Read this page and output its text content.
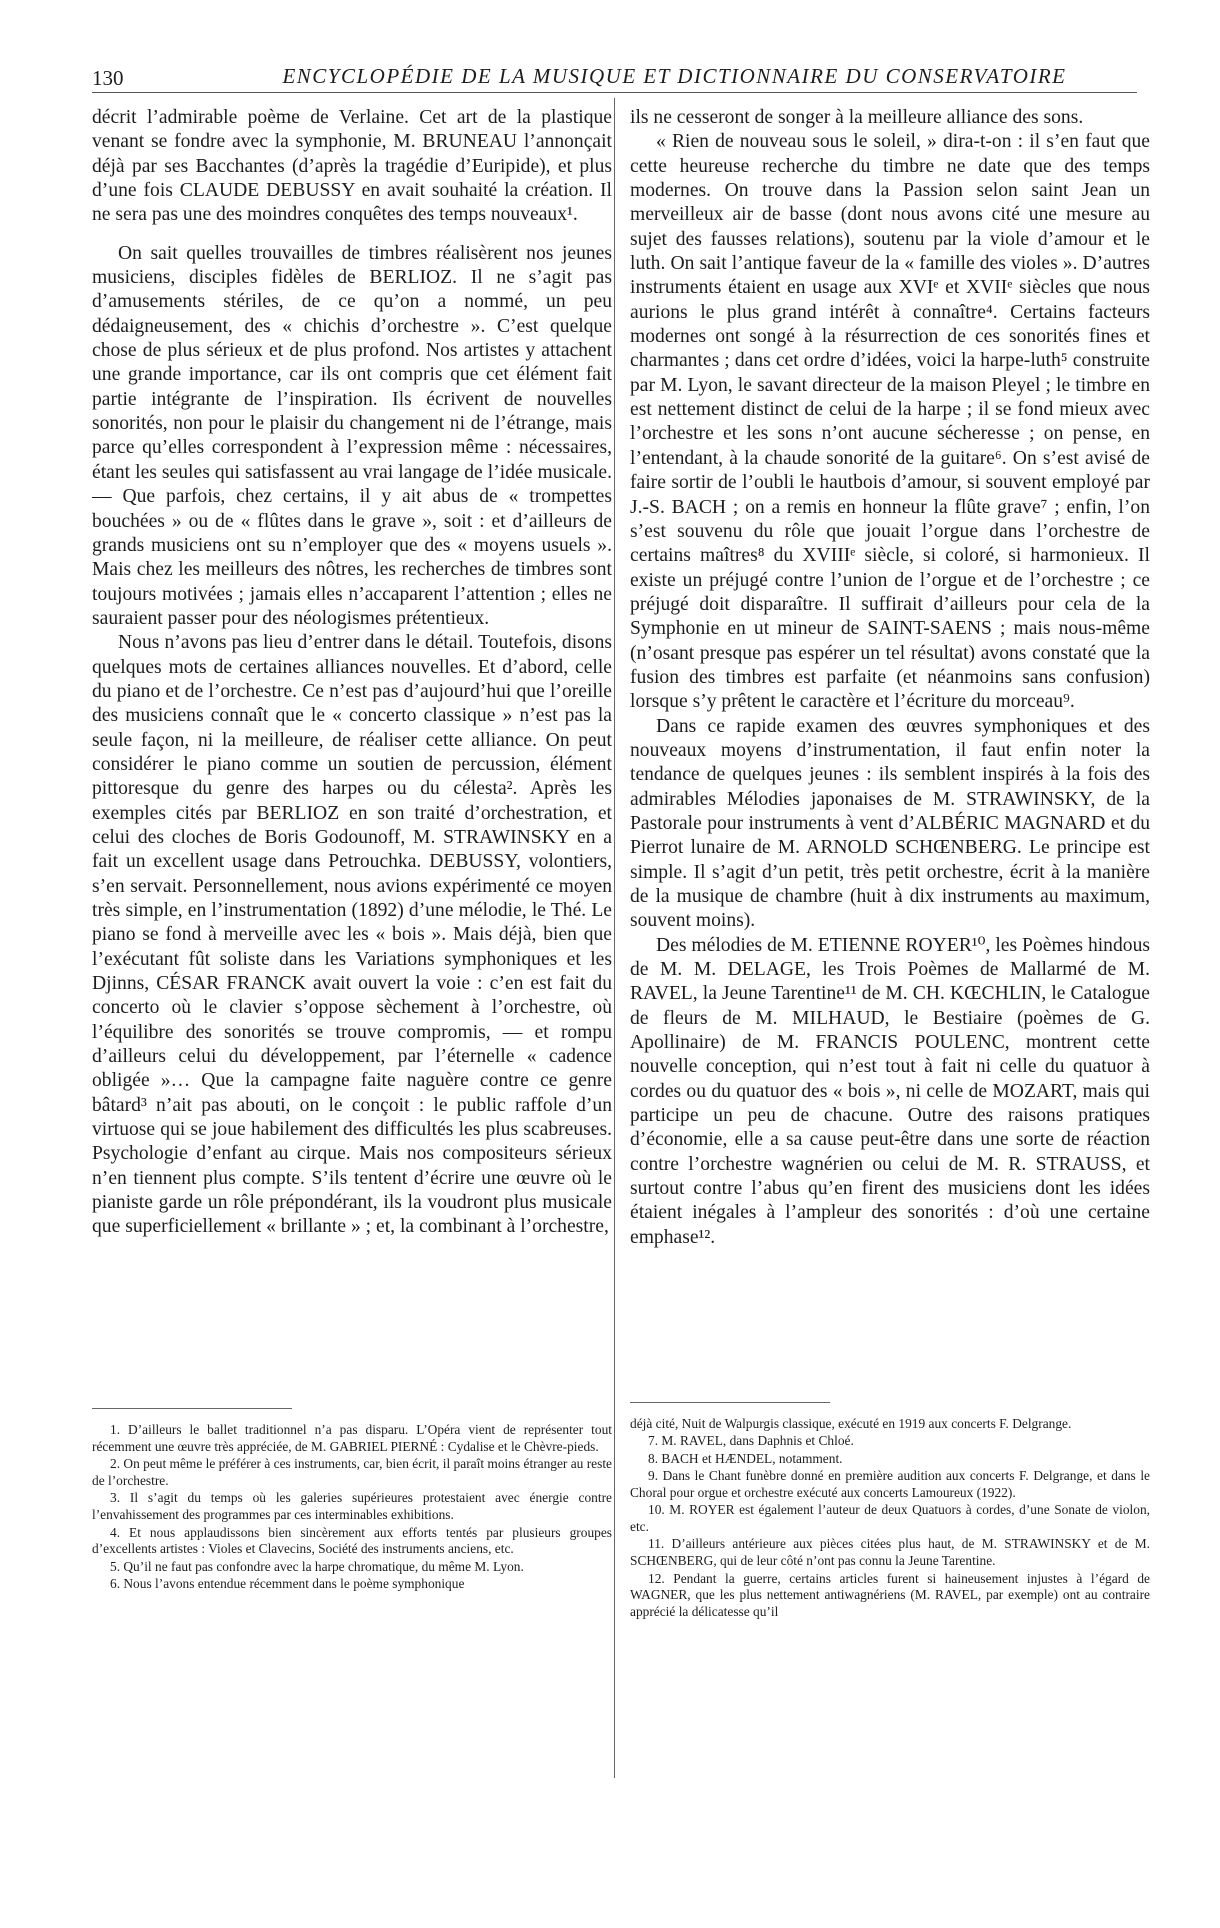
130	ENCYCLOPÉDIE DE LA MUSIQUE ET DICTIONNAIRE DU CONSERVATOIRE

décrit l’admirable poème de Verlaine. Cet art de la plastique venant se fondre avec la symphonie, M. BRUNEAU l’annonçait déjà par ses Bacchantes (d’après la tragédie d’Euripide), et plus d’une fois CLAUDE DEBUSSY en avait souhaité la création. Il ne sera pas une des moindres conquêtes des temps nouveaux¹.

On sait quelles trouvailles de timbres réalisèrent nos jeunes musiciens, disciples fidèles de BERLIOZ. Il ne s’agit pas d’amusements stériles, de ce qu’on a nommé, un peu dédaigneusement, des « chichis d’orchestre ». C’est quelque chose de plus sérieux et de plus profond. Nos artistes y attachent une grande importance, car ils ont compris que cet élément fait partie intégrante de l’inspiration. Ils écrivent de nouvelles sonorités, non pour le plaisir du changement ni de l’étrange, mais parce qu’elles correspondent à l’expression même : nécessaires, étant les seules qui satisfassent au vrai langage de l’idée musicale. — Que parfois, chez certains, il y ait abus de « trompettes bouchées » ou de « flûtes dans le grave », soit : et d’ailleurs de grands musiciens ont su n’employer que des « moyens usuels ». Mais chez les meilleurs des nôtres, les recherches de timbres sont toujours motivées ; jamais elles n’accaparent l’attention ; elles ne sauraient passer pour des néologismes prétentieux.

Nous n’avons pas lieu d’entrer dans le détail. Toutefois, disons quelques mots de certaines alliances nouvelles. Et d’abord, celle du piano et de l’orchestre. Ce n’est pas d’aujourd’hui que l’oreille des musiciens connaît que le « concerto classique » n’est pas la seule façon, ni la meilleure, de réaliser cette alliance. On peut considérer le piano comme un soutien de percussion, élément pittoresque du genre des harpes ou du célesta². Après les exemples cités par BERLIOZ en son traité d’orchestration, et celui des cloches de Boris Godounoff, M. STRAWINSKY en a fait un excellent usage dans Petrouchka. DEBUSSY, volontiers, s’en servait. Personnellement, nous avions expérimenté ce moyen très simple, en l’instrumentation (1892) d’une mélodie, le Thé. Le piano se fond à merveille avec les « bois ». Mais déjà, bien que l’exécutant fût soliste dans les Variations symphoniques et les Djinns, CÉSAR FRANCK avait ouvert la voie : c’en est fait du concerto où le clavier s’oppose sèchement à l’orchestre, où l’équilibre des sonorités se trouve compromis, — et rompu d’ailleurs celui du développement, par l’éternelle « cadence obligée »… Que la campagne faite naguère contre ce genre bâtard³ n’ait pas abouti, on le conçoit : le public raffole d’un virtuose qui se joue habilement des difficultés les plus scabreuses. Psychologie d’enfant au cirque. Mais nos compositeurs sérieux n’en tiennent plus compte. S’ils tentent d’écrire une œuvre où le pianiste garde un rôle prépondérant, ils la voudront plus musicale que superficiellement « brillante » ; et, la combinant à l’orchestre,

ils ne cesseront de songer à la meilleure alliance des sons.

« Rien de nouveau sous le soleil, » dira-t-on : il s’en faut que cette heureuse recherche du timbre ne date que des temps modernes. On trouve dans la Passion selon saint Jean un merveilleux air de basse (dont nous avons cité une mesure au sujet des fausses relations), soutenu par la viole d’amour et le luth. On sait l’antique faveur de la « famille des violes ». D’autres instruments étaient en usage aux XVIᵉ et XVIIᵉ siècles que nous aurions le plus grand intérêt à connaître⁴. Certains facteurs modernes ont songé à la résurrection de ces sonorités fines et charmantes ; dans cet ordre d’idées, voici la harpe-luth⁵ construite par M. Lyon, le savant directeur de la maison Pleyel ; le timbre en est nettement distinct de celui de la harpe ; il se fond mieux avec l’orchestre et les sons n’ont aucune sécheresse ; on pense, en l’entendant, à la chaude sonorité de la guitare⁶. On s’est avisé de faire sortir de l’oubli le hautbois d’amour, si souvent employé par J.-S. BACH ; on a remis en honneur la flûte grave⁷ ; enfin, l’on s’est souvenu du rôle que jouait l’orgue dans l’orchestre de certains maîtres⁸ du XVIIIᵉ siècle, si coloré, si harmonieux. Il existe un préjugé contre l’union de l’orgue et de l’orchestre ; ce préjugé doit disparaître. Il suffirait d’ailleurs pour cela de la Symphonie en ut mineur de SAINT-SAENS ; mais nous-même (n’osant presque pas espérer un tel résultat) avons constaté que la fusion des timbres est parfaite (et néanmoins sans confusion) lorsque s’y prêtent le caractère et l’écriture du morceau⁹.

Dans ce rapide examen des œuvres symphoniques et des nouveaux moyens d’instrumentation, il faut enfin noter la tendance de quelques jeunes : ils semblent inspirés à la fois des admirables Mélodies japonaises de M. STRAWINSKY, de la Pastorale pour instruments à vent d’ALBÉRIC MAGNARD et du Pierrot lunaire de M. ARNOLD SCHŒNBERG. Le principe est simple. Il s’agit d’un petit, très petit orchestre, écrit à la manière de la musique de chambre (huit à dix instruments au maximum, souvent moins).

Des mélodies de M. ETIENNE ROYER¹⁰, les Poèmes hindous de M. M. DELAGE, les Trois Poèmes de Mallarmé de M. RAVEL, la Jeune Tarentine¹¹ de M. CH. KŒCHLIN, le Catalogue de fleurs de M. MILHAUD, le Bestiaire (poèmes de G. Apollinaire) de M. FRANCIS POULENC, montrent cette nouvelle conception, qui n’est tout à fait ni celle du quatuor à cordes ou du quatuor des « bois », ni celle de MOZART, mais qui participe un peu de chacune. Outre des raisons pratiques d’économie, elle a sa cause peut-être dans une sorte de réaction contre l’orchestre wagnérien ou celui de M. R. STRAUSS, et surtout contre l’abus qu’en firent des musiciens dont les idées étaient inégales à l’ampleur des sonorités : d’où une certaine emphase¹².

1. D’ailleurs le ballet traditionnel n’a pas disparu. L’Opéra vient de représenter tout récemment une œuvre très appréciée, de M. GABRIEL PIERNÉ : Cydalise et le Chèvre-pieds.

2. On peut même le préférer à ces instruments, car, bien écrit, il paraît moins étranger au reste de l’orchestre.

3. Il s’agit du temps où les galeries supérieures protestaient avec énergie contre l’envahissement des programmes par ces interminables exhibitions.

4. Et nous applaudissons bien sincèrement aux efforts tentés par plusieurs groupes d’excellents artistes : Violes et Clavecins, Société des instruments anciens, etc.

5. Qu’il ne faut pas confondre avec la harpe chromatique, du même M. Lyon.

6. Nous l’avons entendue récemment dans le poème symphonique

déjà cité, Nuit de Walpurgis classique, exécuté en 1919 aux concerts F. Delgrange.

7. M. RAVEL, dans Daphnis et Chloé.

8. BACH et HÆNDEL, notamment.

9. Dans le Chant funèbre donné en première audition aux concerts F. Delgrange, et dans le Choral pour orgue et orchestre exécuté aux concerts Lamoureux (1922).

10. M. ROYER est également l’auteur de deux Quatuors à cordes, d’une Sonate de violon, etc.

11. D’ailleurs antérieure aux pièces citées plus haut, de M. STRAWINSKY et de M. SCHŒNBERG, qui de leur côté n’ont pas connu la Jeune Tarentine.

12. Pendant la guerre, certains articles furent si haineusement injustes à l’égard de WAGNER, que les plus nettement antiwagnériens (M. RAVEL, par exemple) ont au contraire apprécié la délicatesse qu’il
